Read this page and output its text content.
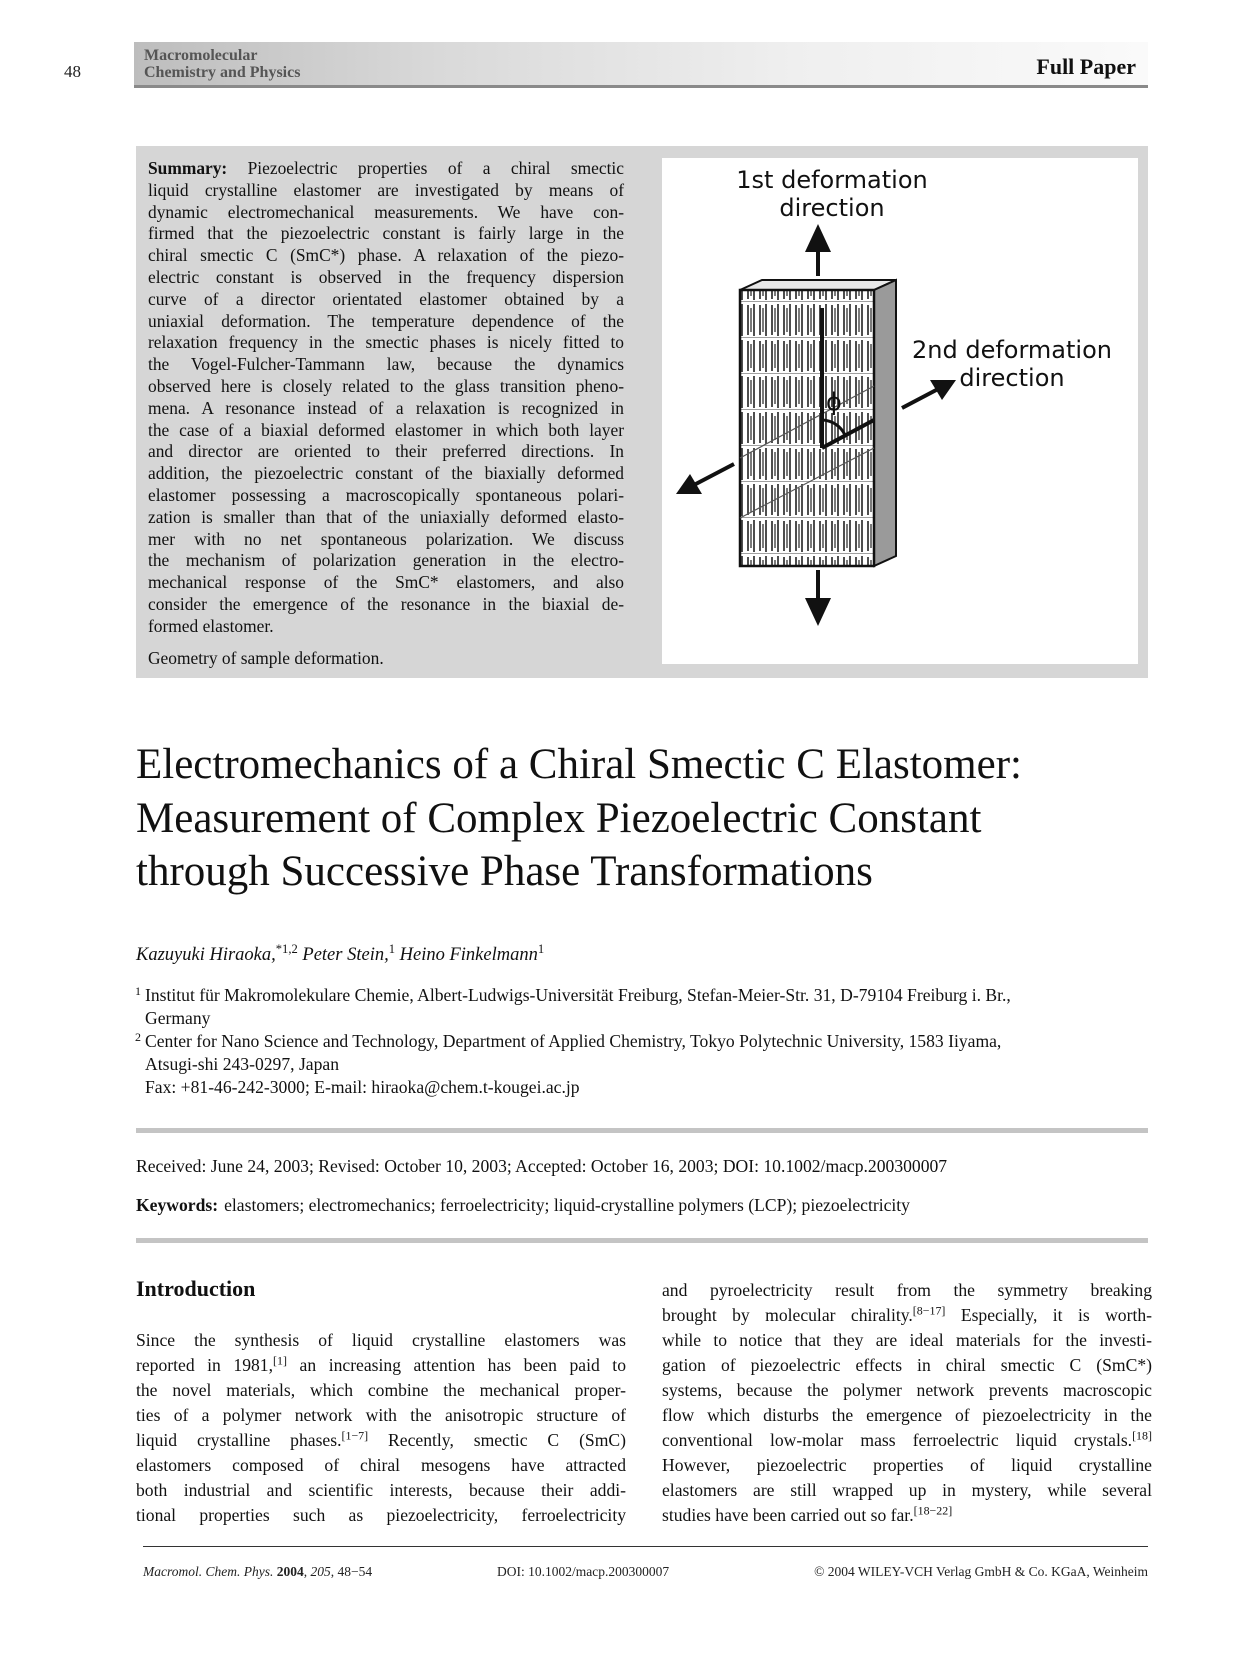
48
Macromolecular
Chemistry and Physics	Full Paper
Summary: Piezoelectric properties of a chiral smectic
liquid crystalline elastomer are investigated by means of
dynamic electromechanical measurements. We have con-
firmed that the piezoelectric constant is fairly large in the
chiral smectic C (SmC*) phase. A relaxation of the piezo-
electric constant is observed in the frequency dispersion
curve of a director orientated elastomer obtained by a
uniaxial deformation. The temperature dependence of the
relaxation frequency in the smectic phases is nicely fitted to
the Vogel-Fulcher-Tammann law, because the dynamics
observed here is closely related to the glass transition pheno-
mena. A resonance instead of a relaxation is recognized in
the case of a biaxial deformed elastomer in which both layer
and director are oriented to their preferred directions. In
addition, the piezoelectric constant of the biaxially deformed
elastomer possessing a macroscopically spontaneous polari-
zation is smaller than that of the uniaxially deformed elasto-
mer with no net spontaneous polarization. We discuss
the mechanism of polarization generation in the electro-
mechanical response of the SmC* elastomers, and also
consider the emergence of the resonance in the biaxial de-
formed elastomer.
ϕ
1st deformation
direction
2nd deformation
direction
Geometry of sample deformation.
Electromechanics of a Chiral Smectic C Elastomer:
Measurement of Complex Piezoelectric Constant
through Successive Phase Transformations
Kazuyuki Hiraoka,$^{*1,2}$ Peter Stein,$^1$ Heino Finkelmann$^1$
1 Institut für Makromolekulare Chemie, Albert-Ludwigs-Universität Freiburg, Stefan-Meier-Str. 31, D-79104 Freiburg i. Br.,
Germany
2 Center for Nano Science and Technology, Department of Applied Chemistry, Tokyo Polytechnic University, 1583 Iiyama,
Atsugi-shi 243-0297, Japan
Fax: +81-46-242-3000; E-mail: hiraoka@chem.t-kougei.ac.jp
Received: June 24, 2003; Revised: October 10, 2003; Accepted: October 16, 2003; DOI: 10.1002/macp.200300007
Keywords: elastomers; electromechanics; ferroelectricity; liquid-crystalline polymers (LCP); piezoelectricity
Introduction
Since the synthesis of liquid crystalline elastomers was
reported in 1981,[1] an increasing attention has been paid to
the novel materials, which combine the mechanical proper-
ties of a polymer network with the anisotropic structure of
liquid crystalline phases.[1−7] Recently, smectic C (SmC)
elastomers composed of chiral mesogens have attracted
both industrial and scientific interests, because their addi-
tional properties such as piezoelectricity, ferroelectricity
and pyroelectricity result from the symmetry breaking
brought by molecular chirality.[8−17] Especially, it is worth-
while to notice that they are ideal materials for the investi-
gation of piezoelectric effects in chiral smectic C (SmC*)
systems, because the polymer network prevents macroscopic
flow which disturbs the emergence of piezoelectricity in the
conventional low-molar mass ferroelectric liquid crystals.[18]
However, piezoelectric properties of liquid crystalline
elastomers are still wrapped up in mystery, while several
studies have been carried out so far.[18−22]
Macromol. Chem. Phys. 2004, 205, 48−54	DOI: 10.1002/macp.200300007	© 2004 WILEY-VCH Verlag GmbH & Co. KGaA, Weinheim
